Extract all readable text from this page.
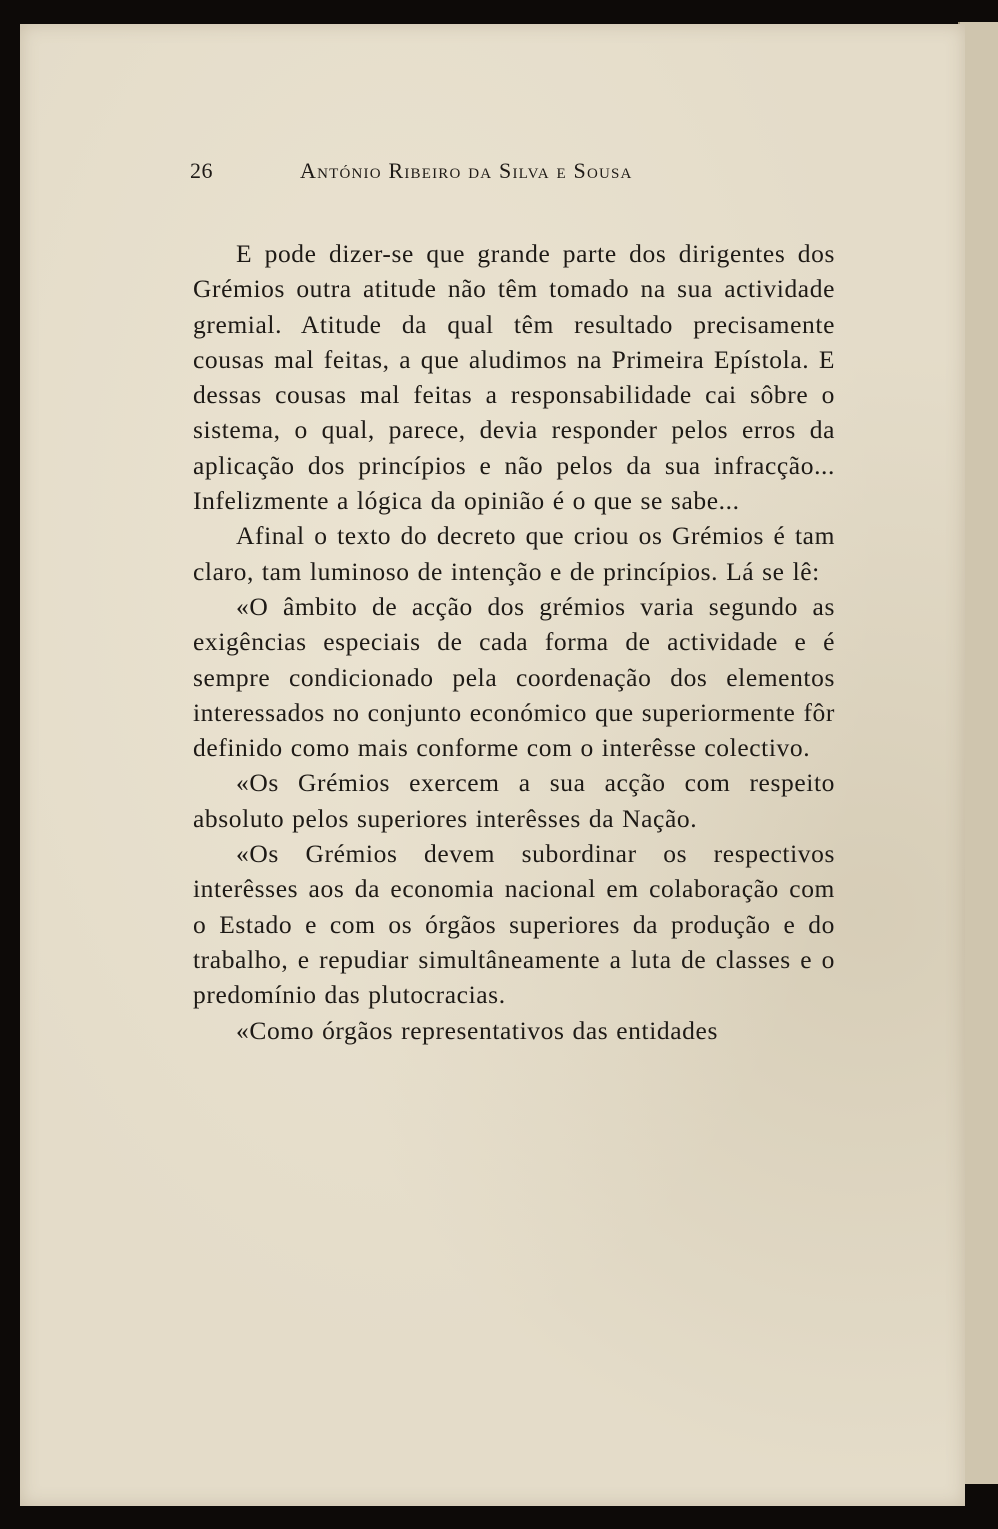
26	António Ribeiro da Silva e Sousa

E pode dizer-se que grande parte dos dirigentes dos Grémios outra atitude não têm tomado na sua actividade gremial. Atitude da qual têm resultado precisamente cousas mal feitas, a que aludimos na Primeira Epístola. E dessas cousas mal feitas a responsabilidade cai sôbre o sistema, o qual, parece, devia responder pelos erros da aplicação dos princípios e não pelos da sua infracção... Infelizmente a lógica da opinião é o que se sabe...

Afinal o texto do decreto que criou os Grémios é tam claro, tam luminoso de intenção e de princípios. Lá se lê:

«O âmbito de acção dos grémios varia segundo as exigências especiais de cada forma de actividade e é sempre condicionado pela coordenação dos elementos interessados no conjunto económico que superiormente fôr definido como mais conforme com o interêsse colectivo.

«Os Grémios exercem a sua acção com respeito absoluto pelos superiores interêsses da Nação.

«Os Grémios devem subordinar os respectivos interêsses aos da economia nacional em colaboração com o Estado e com os órgãos superiores da produção e do trabalho, e repudiar simultâneamente a luta de classes e o predomínio das plutocracias.

«Como órgãos representativos das entidades
